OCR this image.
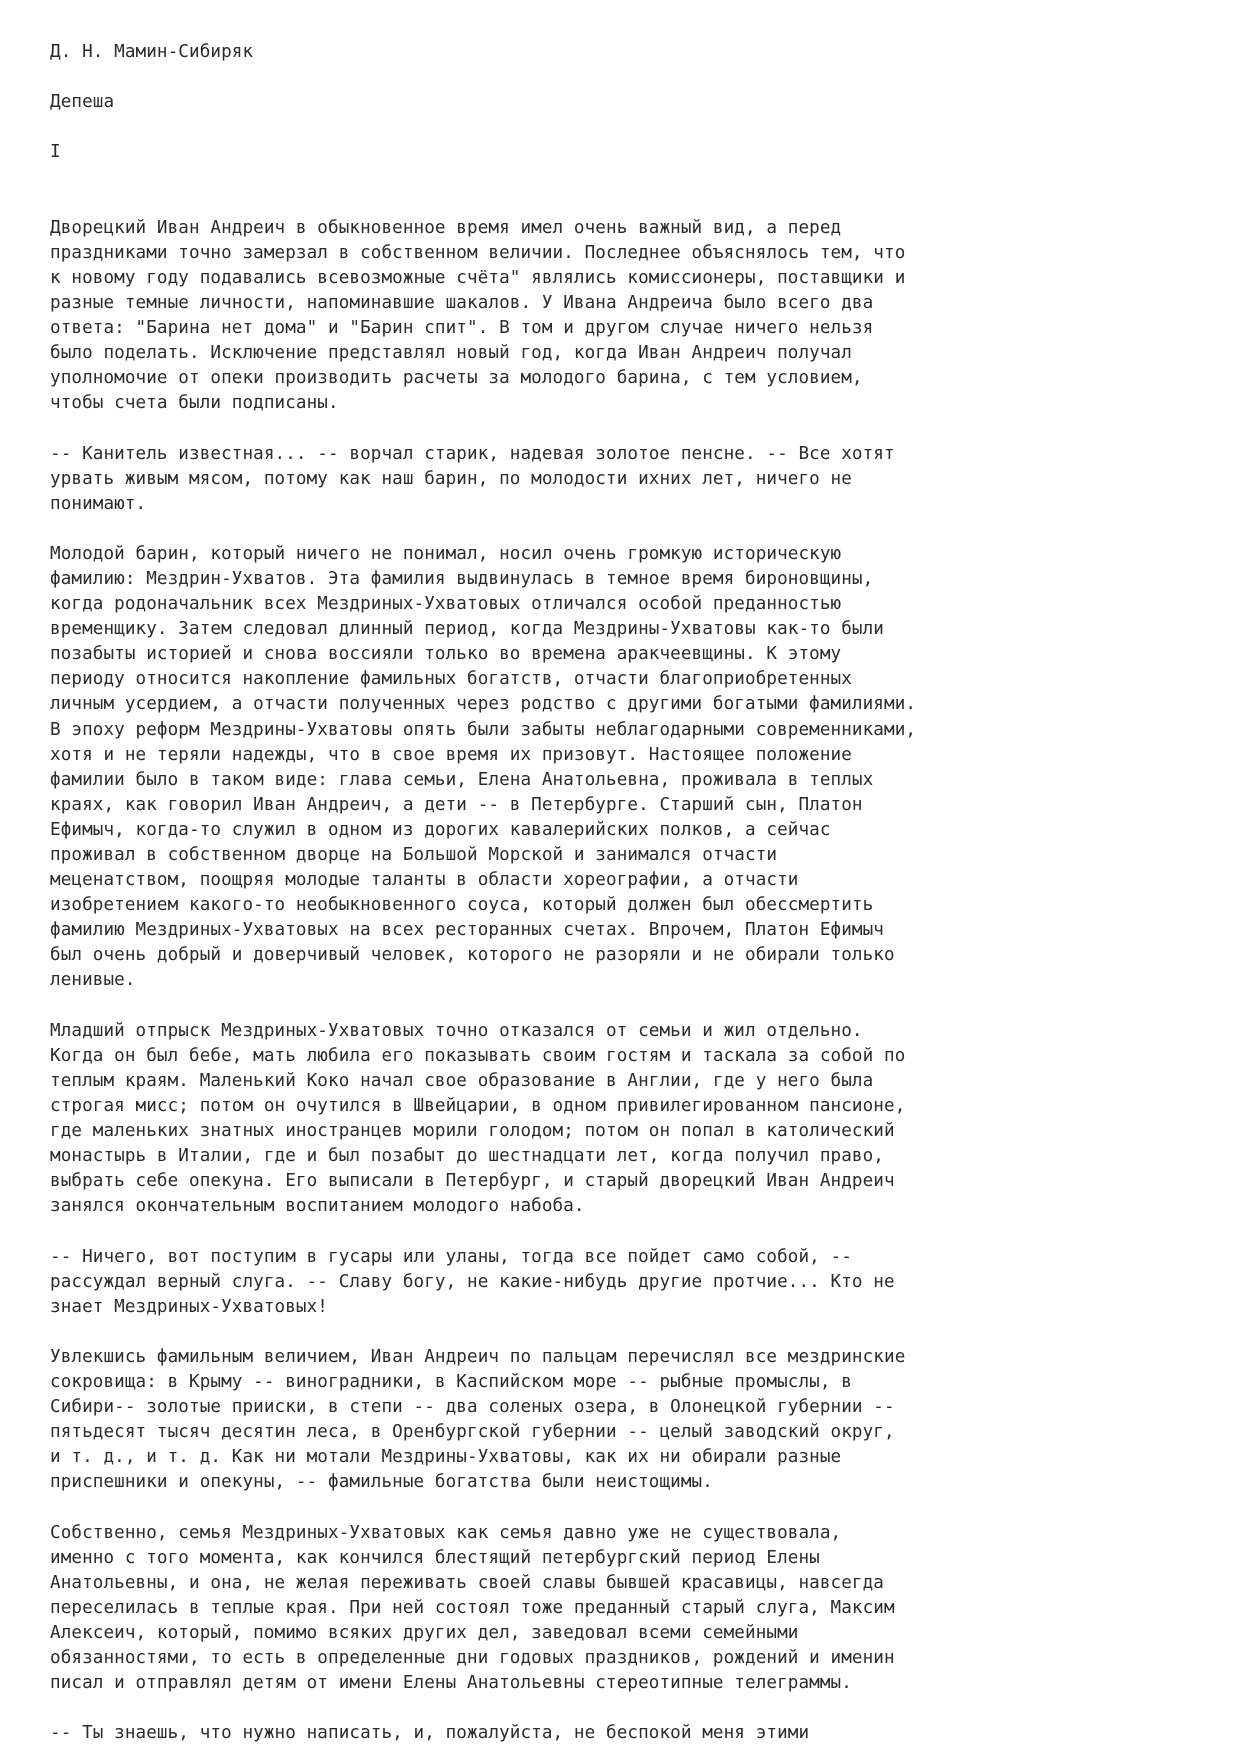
Д. Н. Мамин-Сибиряк
Депеша
I
Дворецкий Иван Андреич в обыкновенное время имел очень важный вид, а перед
праздниками точно замерзал в собственном величии. Последнее объяснялось тем, что
к новому году подавались всевозможные счёта" являлись комиссионеры, поставщики и
разные темные личности, напоминавшие шакалов. У Ивана Андреича было всего два
ответа: "Барина нет дома" и "Барин спит". В том и другом случае ничего нельзя
было поделать. Исключение представлял новый год, когда Иван Андреич получал
уполномочие от опеки производить расчеты за молодого барина, с тем условием,
чтобы счета были подписаны.
-- Канитель известная... -- ворчал старик, надевая золотое пенсне. -- Все хотят
урвать живым мясом, потому как наш барин, по молодости ихних лет, ничего не
понимают.
Молодой барин, который ничего не понимал, носил очень громкую историческую
фамилию: Мездрин-Ухватов. Эта фамилия выдвинулась в темное время бироновщины,
когда родоначальник всех Мездриных-Ухватовых отличался особой преданностью
временщику. Затем следовал длинный период, когда Мездрины-Ухватовы как-то были
позабыты историей и снова воссияли только во времена аракчеевщины. К этому
периоду относится накопление фамильных богатств, отчасти благоприобретенных
личным усердием, а отчасти полученных через родство с другими богатыми фамилиями.
В эпоху реформ Мездрины-Ухватовы опять были забыты неблагодарными современниками,
хотя и не теряли надежды, что в свое время их призовут. Настоящее положение
фамилии было в таком виде: глава семьи, Елена Анатольевна, проживала в теплых
краях, как говорил Иван Андреич, а дети -- в Петербурге. Старший сын, Платон
Ефимыч, когда-то служил в одном из дорогих кавалерийских полков, а сейчас
проживал в собственном дворце на Большой Морской и занимался отчасти
меценатством, поощряя молодые таланты в области хореографии, а отчасти
изобретением какого-то необыкновенного соуса, который должен был обессмертить
фамилию Мездриных-Ухватовых на всех ресторанных счетах. Впрочем, Платон Ефимыч
был очень добрый и доверчивый человек, которого не разоряли и не обирали только
ленивые.
Младший отпрыск Мездриных-Ухватовых точно отказался от семьи и жил отдельно.
Когда он был бебе, мать любила его показывать своим гостям и таскала за собой по
теплым краям. Маленький Коко начал свое образование в Англии, где у него была
строгая мисс; потом он очутился в Швейцарии, в одном привилегированном пансионе,
где маленьких знатных иностранцев морили голодом; потом он попал в католический
монастырь в Италии, где и был позабыт до шестнадцати лет, когда получил право,
выбрать себе опекуна. Его выписали в Петербург, и старый дворецкий Иван Андреич
занялся окончательным воспитанием молодого набоба.
-- Ничего, вот поступим в гусары или уланы, тогда все пойдет само собой, --
рассуждал верный слуга. -- Славу богу, не какие-нибудь другие протчие... Кто не
знает Мездриных-Ухватовых!
Увлекшись фамильным величием, Иван Андреич по пальцам перечислял все мездринские
сокровища: в Крыму -- виноградники, в Каспийском море -- рыбные промыслы, в
Сибири-- золотые прииски, в степи -- два соленых озера, в Олонецкой губернии --
пятьдесят тысяч десятин леса, в Оренбургской губернии -- целый заводский округ,
и т. д., и т. д. Как ни мотали Мездрины-Ухватовы, как их ни обирали разные
приспешники и опекуны, -- фамильные богатства были неистощимы.
Собственно, семья Мездриных-Ухватовых как семья давно уже не существовала,
именно с того момента, как кончился блестящий петербургский период Елены
Анатольевны, и она, не желая переживать своей славы бывшей красавицы, навсегда
переселилась в теплые края. При ней состоял тоже преданный старый слуга, Максим
Алексеич, который, помимо всяких других дел, заведовал всеми семейными
обязанностями, то есть в определенные дни годовых праздников, рождений и именин
писал и отправлял детям от имени Елены Анатольевны стереотипные телеграммы.
-- Ты знаешь, что нужно написать, и, пожалуйста, не беспокой меня этими
